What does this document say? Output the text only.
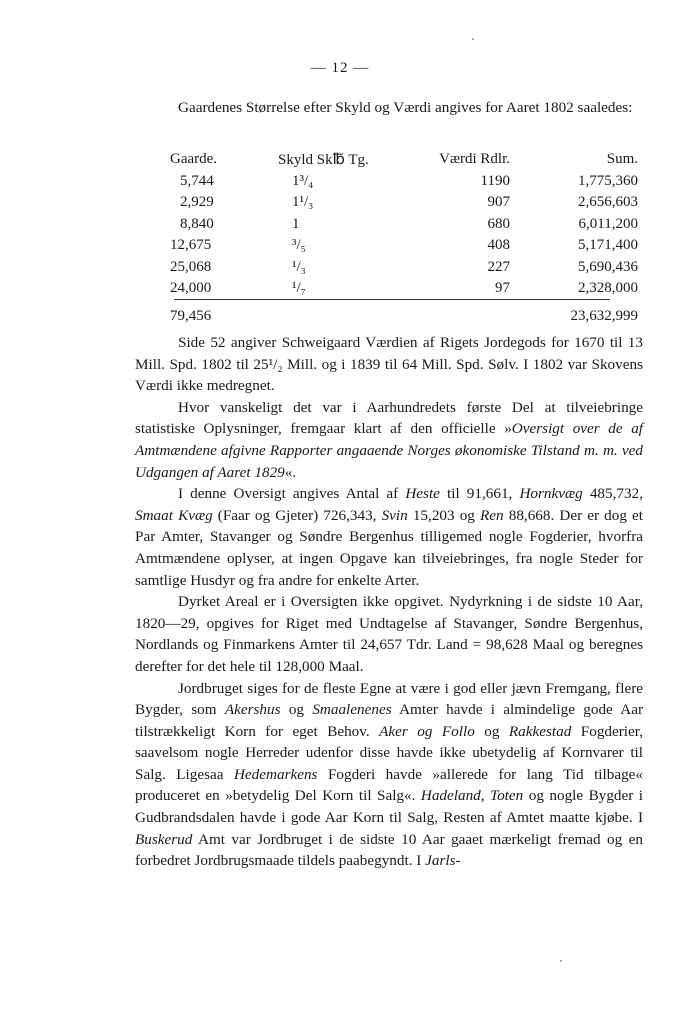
— 12 —
Gaardenes Størrelse efter Skyld og Værdi angives for Aaret 1802 saaledes:
Gaarde.	Skyld Sk℔ Tg.	Værdi Rdlr.	Sum.
5,744	1³/₄	1190	1,775,360
2,929	1¹/₃	907	2,656,603
8,840	1	680	6,011,200
12,675	³/₅	408	5,171,400
25,068	¹/₃	227	5,690,436
24,000	¹/₇	97	2,328,000
79,456			23,632,999

Side 52 angiver Schweigaard Værdien af Rigets Jordegods for 1670 til 13 Mill. Spd. 1802 til 25¹/₂ Mill. og i 1839 til 64 Mill. Spd. Sølv. I 1802 var Skovens Værdi ikke medregnet.

Hvor vanskeligt det var i Aarhundredets første Del at tilveiebringe statistiske Oplysninger, fremgaar klart af den officielle »Oversigt over de af Amtmændene afgivne Rapporter angaaende Norges økonomiske Tilstand m. m. ved Udgangen af Aaret 1829«.

I denne Oversigt angives Antal af Heste til 91,661, Hornkvæg 485,732, Smaat Kvæg (Faar og Gjeter) 726,343, Svin 15,203 og Ren 88,668. Der er dog et Par Amter, Stavanger og Søndre Bergenhus tilligemed nogle Fogderier, hvorfra Amtmændene oplyser, at ingen Opgave kan tilveiebringes, fra nogle Steder for samtlige Husdyr og fra andre for enkelte Arter.

Dyrket Areal er i Oversigten ikke opgivet. Nydyrkning i de sidste 10 Aar, 1820—29, opgives for Riget med Undtagelse af Stavanger, Søndre Bergenhus, Nordlands og Finmarkens Amter til 24,657 Tdr. Land = 98,628 Maal og beregnes derefter for det hele til 128,000 Maal.

Jordbruget siges for de fleste Egne at være i god eller jævn Fremgang, flere Bygder, som Akershus og Smaalenenes Amter havde i almindelige gode Aar tilstrækkeligt Korn for eget Behov. Aker og Follo og Rakkestad Fogderier, saavelsom nogle Herreder udenfor disse havde ikke ubetydelig af Kornvarer til Salg. Ligesaa Hedemarkens Fogderi havde »allerede for lang Tid tilbage« produceret en »betydelig Del Korn til Salg«. Hadeland, Toten og nogle Bygder i Gudbrandsdalen havde i gode Aar Korn til Salg, Resten af Amtet maatte kjøbe. I Buskerud Amt var Jordbruget i de sidste 10 Aar gaaet mærkeligt fremad og en forbedret Jordbrugsmaade tildels paabegyndt. I Jarls-
